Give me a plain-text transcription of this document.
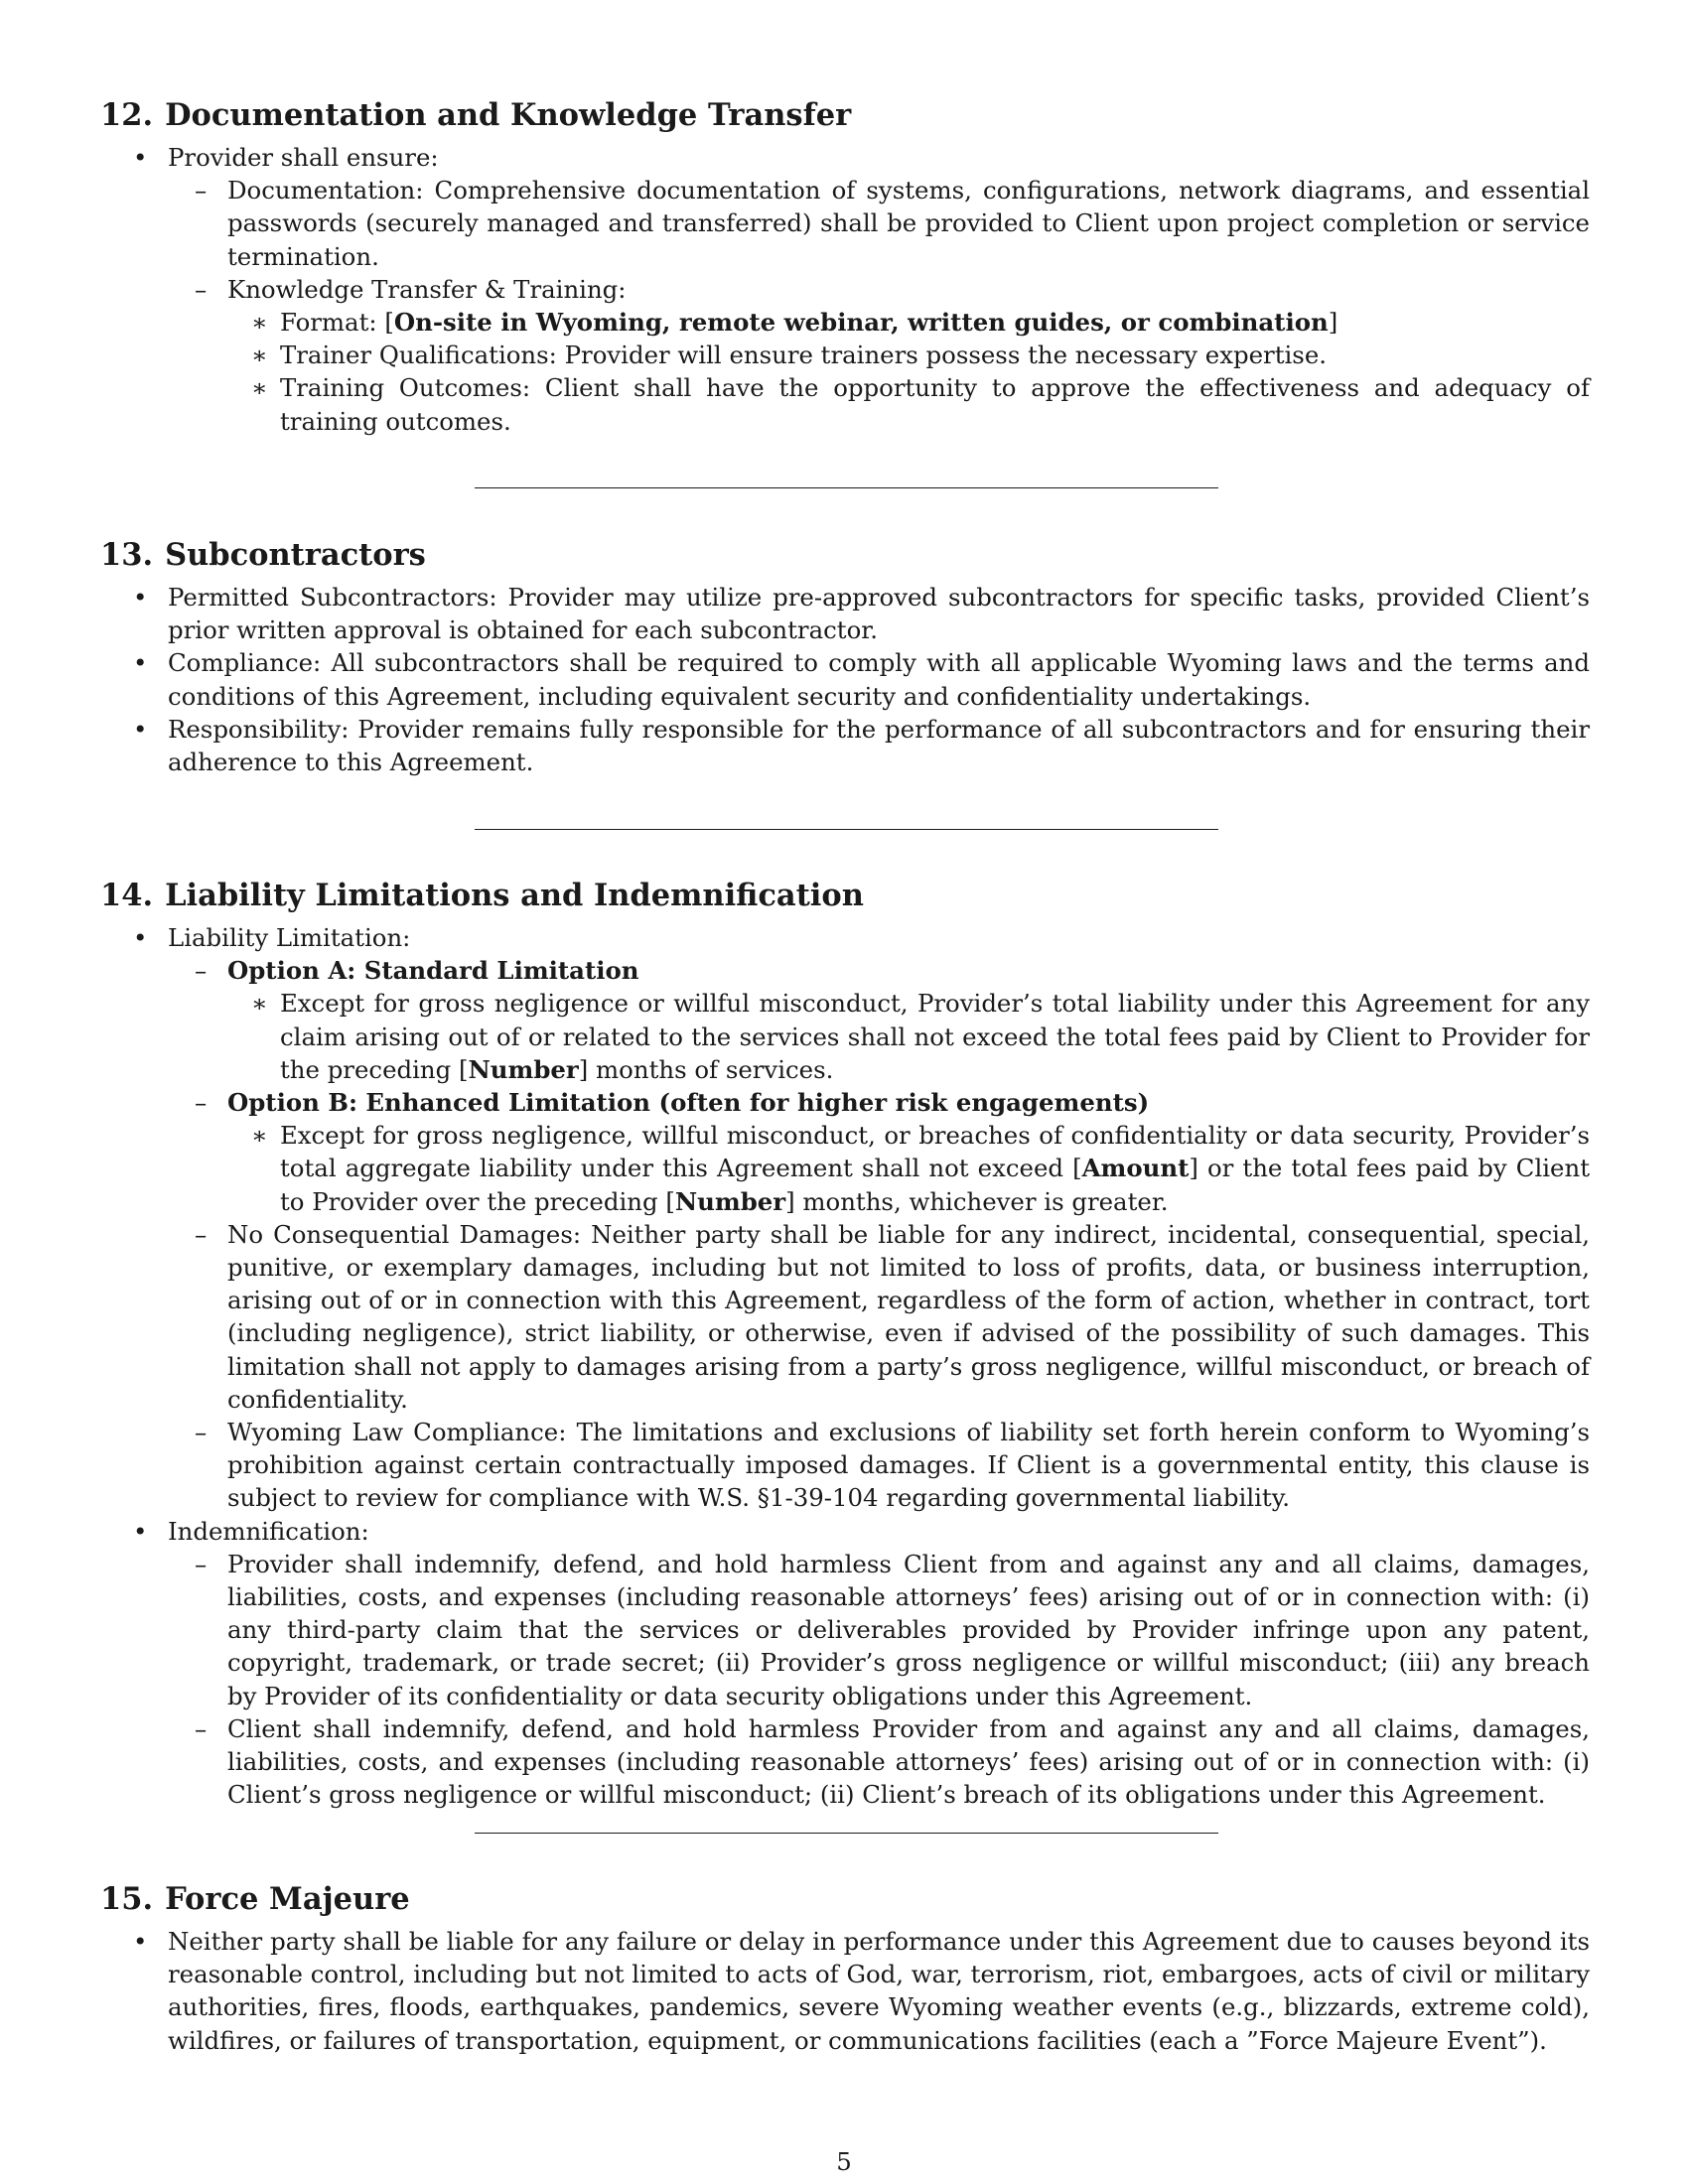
12. Documentation and Knowledge Transfer
• Provider shall ensure:
– Documentation: Comprehensive documentation of systems, configurations, network diagrams, and essential passwords (securely managed and transferred) shall be provided to Client upon project completion or service termination.
– Knowledge Transfer & Training:
∗ Format: [On-site in Wyoming, remote webinar, written guides, or combination]
∗ Trainer Qualifications: Provider will ensure trainers possess the necessary expertise.
∗ Training Outcomes: Client shall have the opportunity to approve the effectiveness and adequacy of training outcomes.
13. Subcontractors
• Permitted Subcontractors: Provider may utilize pre-approved subcontractors for specific tasks, provided Client’s prior written approval is obtained for each subcontractor.
• Compliance: All subcontractors shall be required to comply with all applicable Wyoming laws and the terms and conditions of this Agreement, including equivalent security and confidentiality undertakings.
• Responsibility: Provider remains fully responsible for the performance of all subcontractors and for ensuring their adherence to this Agreement.
14. Liability Limitations and Indemnification
• Liability Limitation:
– Option A: Standard Limitation
∗ Except for gross negligence or willful misconduct, Provider’s total liability under this Agreement for any claim arising out of or related to the services shall not exceed the total fees paid by Client to Provider for the preceding [Number] months of services.
– Option B: Enhanced Limitation (often for higher risk engagements)
∗ Except for gross negligence, willful misconduct, or breaches of confidentiality or data security, Provider’s total aggregate liability under this Agreement shall not exceed [Amount] or the total fees paid by Client to Provider over the preceding [Number] months, whichever is greater.
– No Consequential Damages: Neither party shall be liable for any indirect, incidental, consequential, special, punitive, or exemplary damages, including but not limited to loss of profits, data, or business interruption, arising out of or in connection with this Agreement, regardless of the form of action, whether in contract, tort (including negligence), strict liability, or otherwise, even if advised of the possibility of such damages. This limitation shall not apply to damages arising from a party’s gross negligence, willful misconduct, or breach of confidentiality.
– Wyoming Law Compliance: The limitations and exclusions of liability set forth herein conform to Wyoming’s prohibition against certain contractually imposed damages. If Client is a governmental entity, this clause is subject to review for compliance with W.S. §1-39-104 regarding governmental liability.
• Indemnification:
– Provider shall indemnify, defend, and hold harmless Client from and against any and all claims, damages, liabilities, costs, and expenses (including reasonable attorneys’ fees) arising out of or in connection with: (i) any third-party claim that the services or deliverables provided by Provider infringe upon any patent, copyright, trademark, or trade secret; (ii) Provider’s gross negligence or willful misconduct; (iii) any breach by Provider of its confidentiality or data security obligations under this Agreement.
– Client shall indemnify, defend, and hold harmless Provider from and against any and all claims, damages, liabilities, costs, and expenses (including reasonable attorneys’ fees) arising out of or in connection with: (i) Client’s gross negligence or willful misconduct; (ii) Client’s breach of its obligations under this Agreement.
15. Force Majeure
• Neither party shall be liable for any failure or delay in performance under this Agreement due to causes beyond its reasonable control, including but not limited to acts of God, war, terrorism, riot, embargoes, acts of civil or military authorities, fires, floods, earthquakes, pandemics, severe Wyoming weather events (e.g., blizzards, extreme cold), wildfires, or failures of transportation, equipment, or communications facilities (each a ”Force Majeure Event”).
5
